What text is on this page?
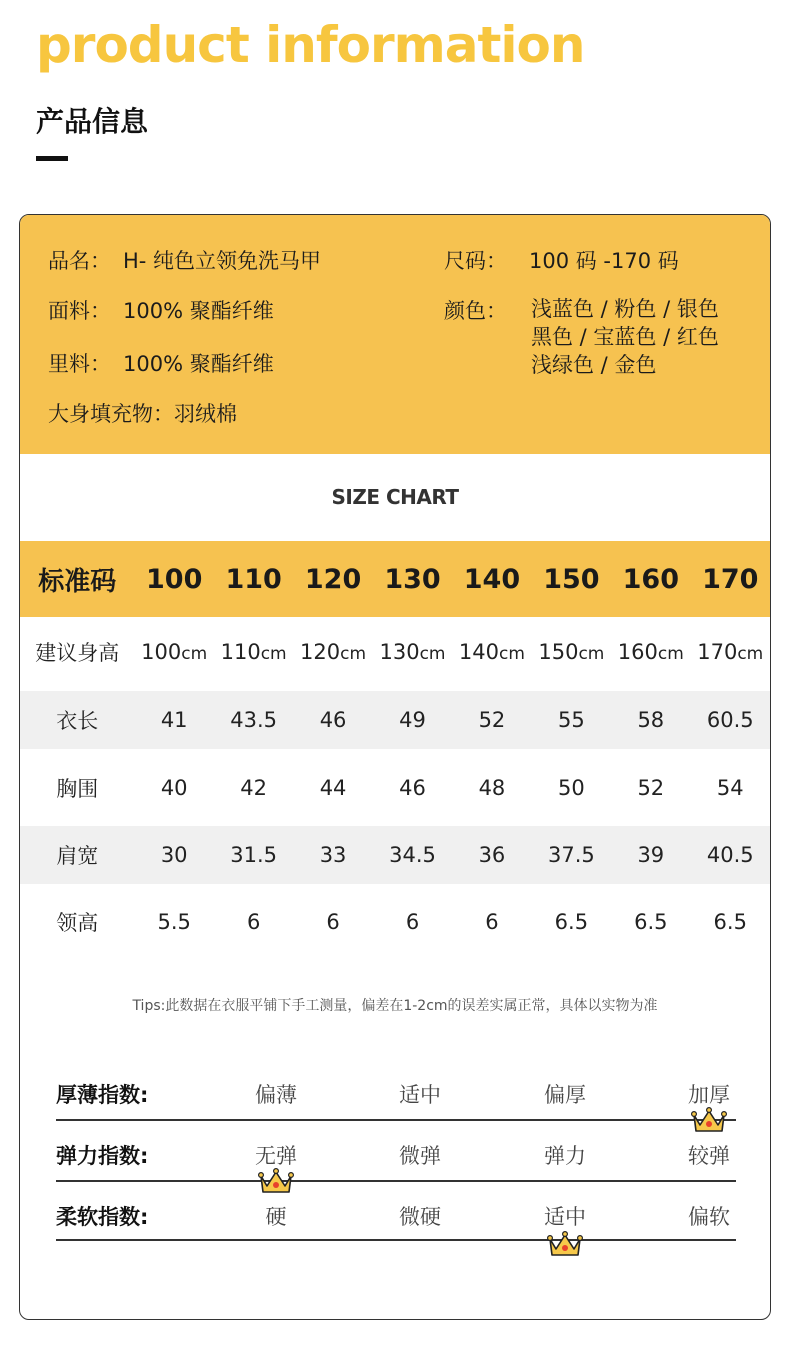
product information
产品信息
品名： H- 纯色立领免洗马甲
面料： 100% 聚酯纤维
里料： 100% 聚酯纤维
大身填充物：羽绒棉
尺码： 100 码 -170 码
颜色： 浅蓝色 / 粉色 / 银色
黑色 / 宝蓝色 / 红色
浅绿色 / 金色
SIZE CHART
标准码	100 110 120 130 140 150 160 170
建议身高	100cm 110cm 120cm 130cm 140cm 150cm 160cm 170cm
衣长	41	43.5	46	49	52	55	58	60.5
胸围	40	42	44	46	48	50	52	54
肩宽	30	31.5	33	34.5	36	37.5	39	40.5
领高	5.5	6	6	6	6	6.5	6.5	6.5
Tips:此数据在衣服平铺下手工测量，偏差在1-2cm的误差实属正常，具体以实物为准
厚薄指数:	偏薄	适中	偏厚	加厚
弹力指数:	无弹	微弹	弹力	较弹
柔软指数:	硬	微硬	适中	偏软
